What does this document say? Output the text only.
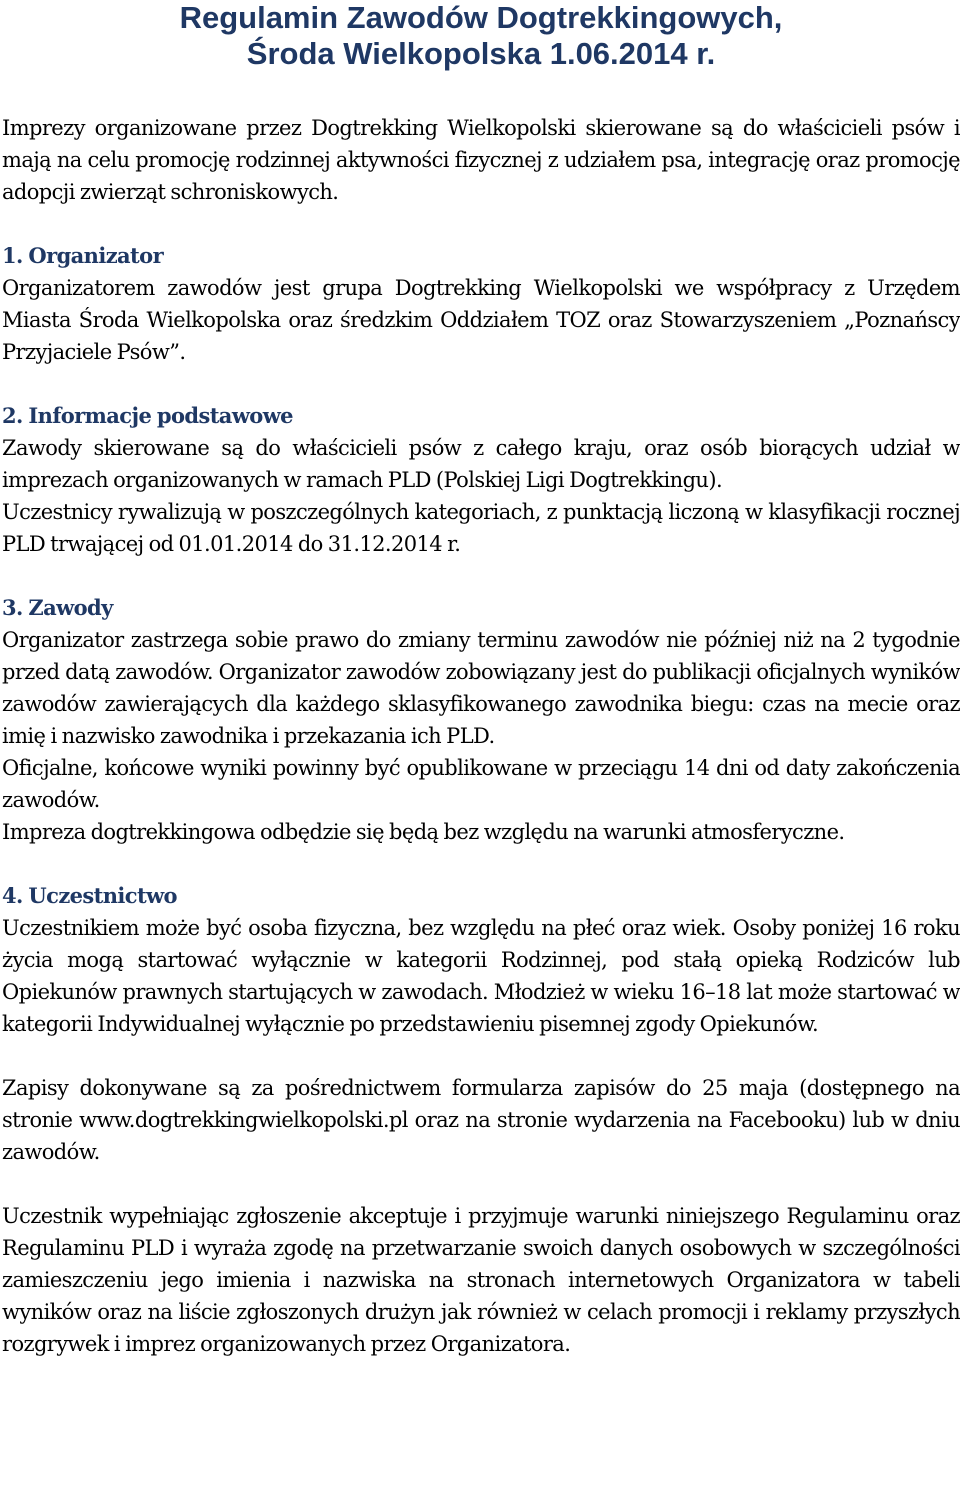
Regulamin Zawodów Dogtrekkingowych,
Środa Wielkopolska 1.06.2014 r.

Imprezy organizowane przez Dogtrekking Wielkopolski skierowane są do właścicieli psów i mają na celu promocję rodzinnej aktywności fizycznej z udziałem psa, integrację oraz promocję adopcji zwierząt schroniskowych.

1. Organizator

Organizatorem zawodów jest grupa Dogtrekking Wielkopolski we współpracy z Urzędem Miasta Środa Wielkopolska oraz średzkim Oddziałem TOZ oraz Stowarzyszeniem „Poznańscy Przyjaciele Psów”.

2. Informacje podstawowe

Zawody skierowane są do właścicieli psów z całego kraju, oraz osób biorących udział w imprezach organizowanych w ramach PLD (Polskiej Ligi Dogtrekkingu).

Uczestnicy rywalizują w poszczególnych kategoriach, z punktacją liczoną w klasyfikacji rocznej PLD trwającej od 01.01.2014 do 31.12.2014 r.

3. Zawody

Organizator zastrzega sobie prawo do zmiany terminu zawodów nie później niż na 2 tygodnie przed datą zawodów. Organizator zawodów zobowiązany jest do publikacji oficjalnych wyników zawodów zawierających dla każdego sklasyfikowanego zawodnika biegu: czas na mecie oraz imię i nazwisko zawodnika i przekazania ich PLD.

Oficjalne, końcowe wyniki powinny być opublikowane w przeciągu 14 dni od daty zakończenia zawodów.

Impreza dogtrekkingowa odbędzie się będą bez względu na warunki atmosferyczne.

4. Uczestnictwo

Uczestnikiem może być osoba fizyczna, bez względu na płeć oraz wiek. Osoby poniżej 16 roku życia mogą startować wyłącznie w kategorii Rodzinnej, pod stałą opieką Rodziców lub Opiekunów prawnych startujących w zawodach. Młodzież w wieku 16–18 lat może startować w kategorii Indywidualnej wyłącznie po przedstawieniu pisemnej zgody Opiekunów.

Zapisy dokonywane są za pośrednictwem formularza zapisów do 25 maja (dostępnego na stronie www.dogtrekkingwielkopolski.pl oraz na stronie wydarzenia na Facebooku) lub w dniu zawodów.

Uczestnik wypełniając zgłoszenie akceptuje i przyjmuje warunki niniejszego Regulaminu oraz Regulaminu PLD i wyraża zgodę na przetwarzanie swoich danych osobowych w szczególności zamieszczeniu jego imienia i nazwiska na stronach internetowych Organizatora w tabeli wyników oraz na liście zgłoszonych drużyn jak również w celach promocji i reklamy przyszłych rozgrywek i imprez organizowanych przez Organizatora.
